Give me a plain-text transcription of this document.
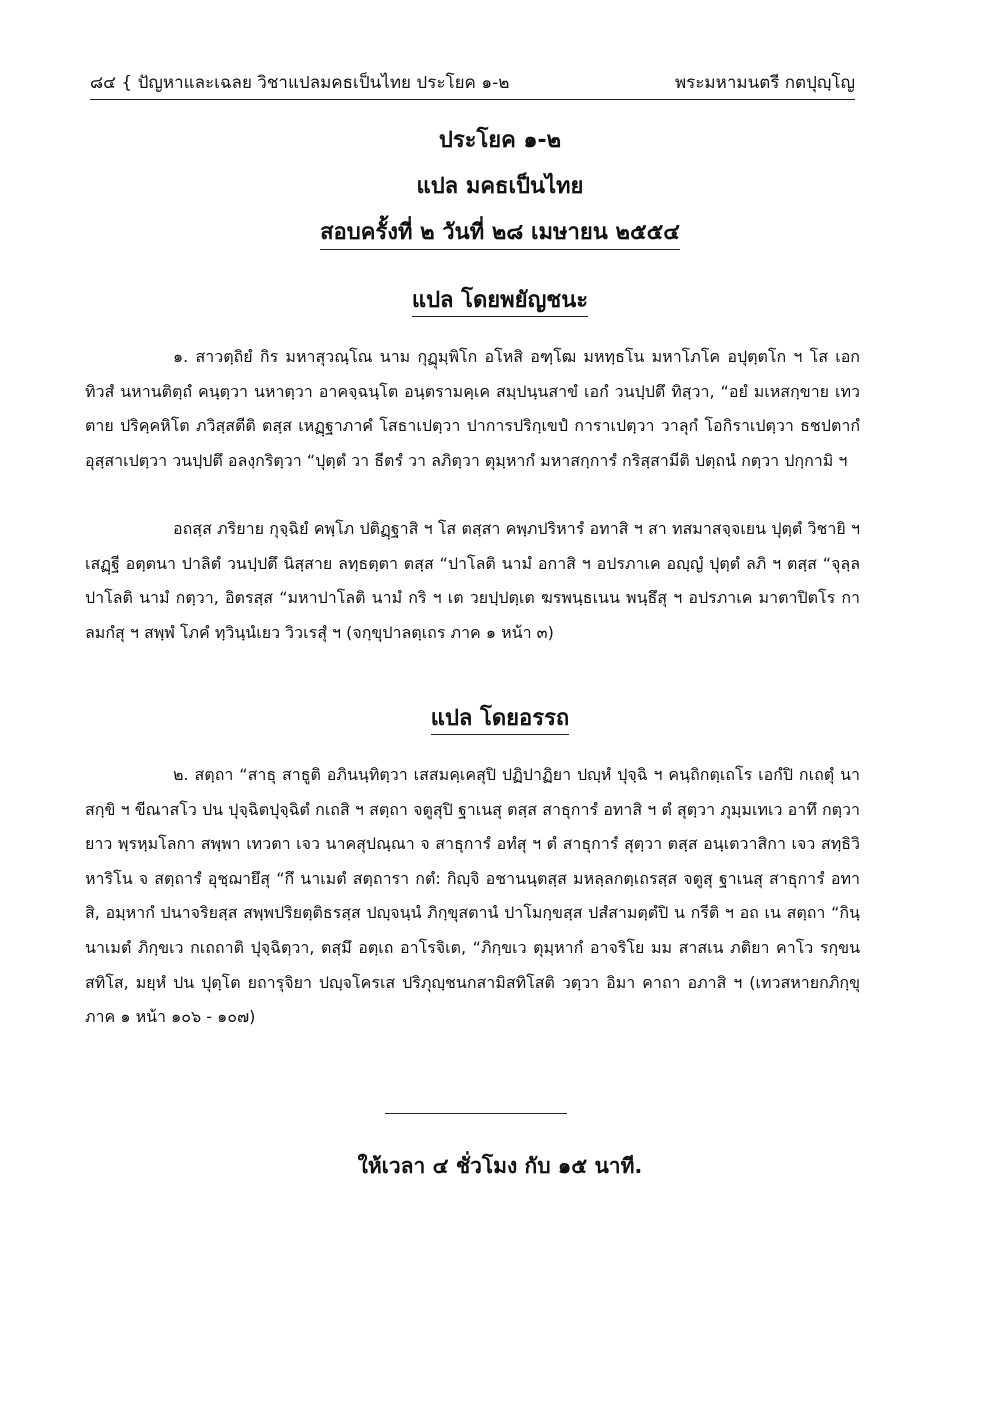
๘๔ { ปัญหาและเฉลย วิชาแปลมคธเป็นไทย ประโยค ๑-๒	พระมหามนตรี กตปุญฺโญ
ประโยค ๑-๒
แปล มคธเป็นไทย
สอบครั้งที่ ๒ วันที่ ๒๘ เมษายน ๒๕๕๔
แปล โดยพยัญชนะ

๑. สาวตฺถิยํ กิร มหาสุวณฺโณ นาม กุฏุมฺพิโก อโหสิ อฑฺโฒ มหทฺธโน มหาโภโค อปุตฺตโก ฯ โส เอกทิวสํ นหานติตฺถํ คนฺตฺวา นหาตฺวา อาคจฺฉนฺโต อนฺตรามคฺเค สมฺปนฺนสาขํ เอกํ วนปฺปตึ ทิสฺวา, “อยํ มเหสกฺขาย เทวตาย ปริคฺคหิโต ภวิสฺสตีติ ตสฺส เหฏฺฐาภาคํ โสธาเปตฺวา ปาการปริกฺเขปํ การาเปตฺวา วาลุกํ โอกิราเปตฺวา ธชปตากํ อุสฺสาเปตฺวา วนปฺปตึ อลงฺกริตฺวา “ปุตฺตํ วา ธีตรํ วา ลภิตฺวา ตุมฺหากํ มหาสกฺการํ กริสฺสามีติ ปตฺถนํ กตฺวา ปกฺกามิ ฯ

อถสฺส ภริยาย กุจฺฉิยํ คพฺโภ ปติฏฺฐาสิ ฯ โส ตสฺสา คพฺภปริหารํ อทาสิ ฯ สา ทสมาสจฺจเยน ปุตฺตํ วิชายิ ฯ เสฏฺฐี อตฺตนา ปาลิตํ วนปฺปตึ นิสฺสาย ลทฺธตฺตา ตสฺส “ปาโลติ นามํ อกาสิ ฯ อปรภาเค อญฺญํ ปุตฺตํ ลภิ ฯ ตสฺส “จุลฺลปาโลติ นามํ กตฺวา, อิตรสฺส “มหาปาโลติ นามํ กริ ฯ เต วยปฺปตฺเต ฆรพนฺธเนน พนฺธึสุ ฯ อปรภาเค มาตาปิตโร กาลมกํสุ ฯ สพฺพํ โภคํ ทฺวินฺนํเยว วิวเรสุํ ฯ (จกฺขุปาลตฺเถร ภาค ๑ หน้า ๓)

แปล โดยอรรถ

๒. สตฺถา “สาธุ สาธูติ อภินนฺทิตฺวา เสสมคฺเคสุปิ ปฏิปาฏิยา ปญฺหํ ปุจฺฉิ ฯ คนฺถิกตฺเถโร เอกํปิ กเถตุํ นาสกฺขิ ฯ ขีณาสโว ปน ปุจฺฉิตปุจฺฉิตํ กเถสิ ฯ สตฺถา จตูสุปิ ฐาเนสุ ตสฺส สาธุการํ อทาสิ ฯ ตํ สุตฺวา ภุมฺมเทเว อาทึ กตฺวา ยาว พฺรหฺมโลกา สพฺพา เทวตา เจว นาคสุปณฺณา จ สาธุการํ อทํสุ ฯ ตํ สาธุการํ สุตฺวา ตสฺส อนฺเตวาสิกา เจว สทฺธิวิหาริโน จ สตฺถารํ อุชฺฌายึสุ “กึ นาเมตํ สตฺถารา กตํ: กิญฺจิ อชานนฺตสฺส มหลฺลกตฺเถรสฺส จตูสุ ฐาเนสุ สาธุการํ อทาสิ, อมฺหากํ ปนาจริยสฺส สพฺพปริยตฺติธรสฺส ปญฺจนฺนํ ภิกฺขุสตานํ ปาโมกฺขสฺส ปสํสามตฺตํปิ น กรีติ ฯ อถ เน สตฺถา “กินฺนาเมตํ ภิกฺขเว กเถถาติ ปุจฺฉิตฺวา, ตสฺมึ อตฺเถ อาโรจิเต, “ภิกฺขเว ตุมฺหากํ อาจริโย มม สาสเน ภติยา คาโว รกฺขนสทิโส, มยฺหํ ปน ปุตฺโต ยถารุจิยา ปญฺจโครเส ปริภุญฺชนกสามิสทิโสติ วตฺวา อิมา คาถา อภาสิ ฯ (เทวสหายกภิกฺขุ ภาค ๑ หน้า ๑๐๖ - ๑๐๗)

ให้เวลา ๔ ชั่วโมง กับ ๑๕ นาที.
